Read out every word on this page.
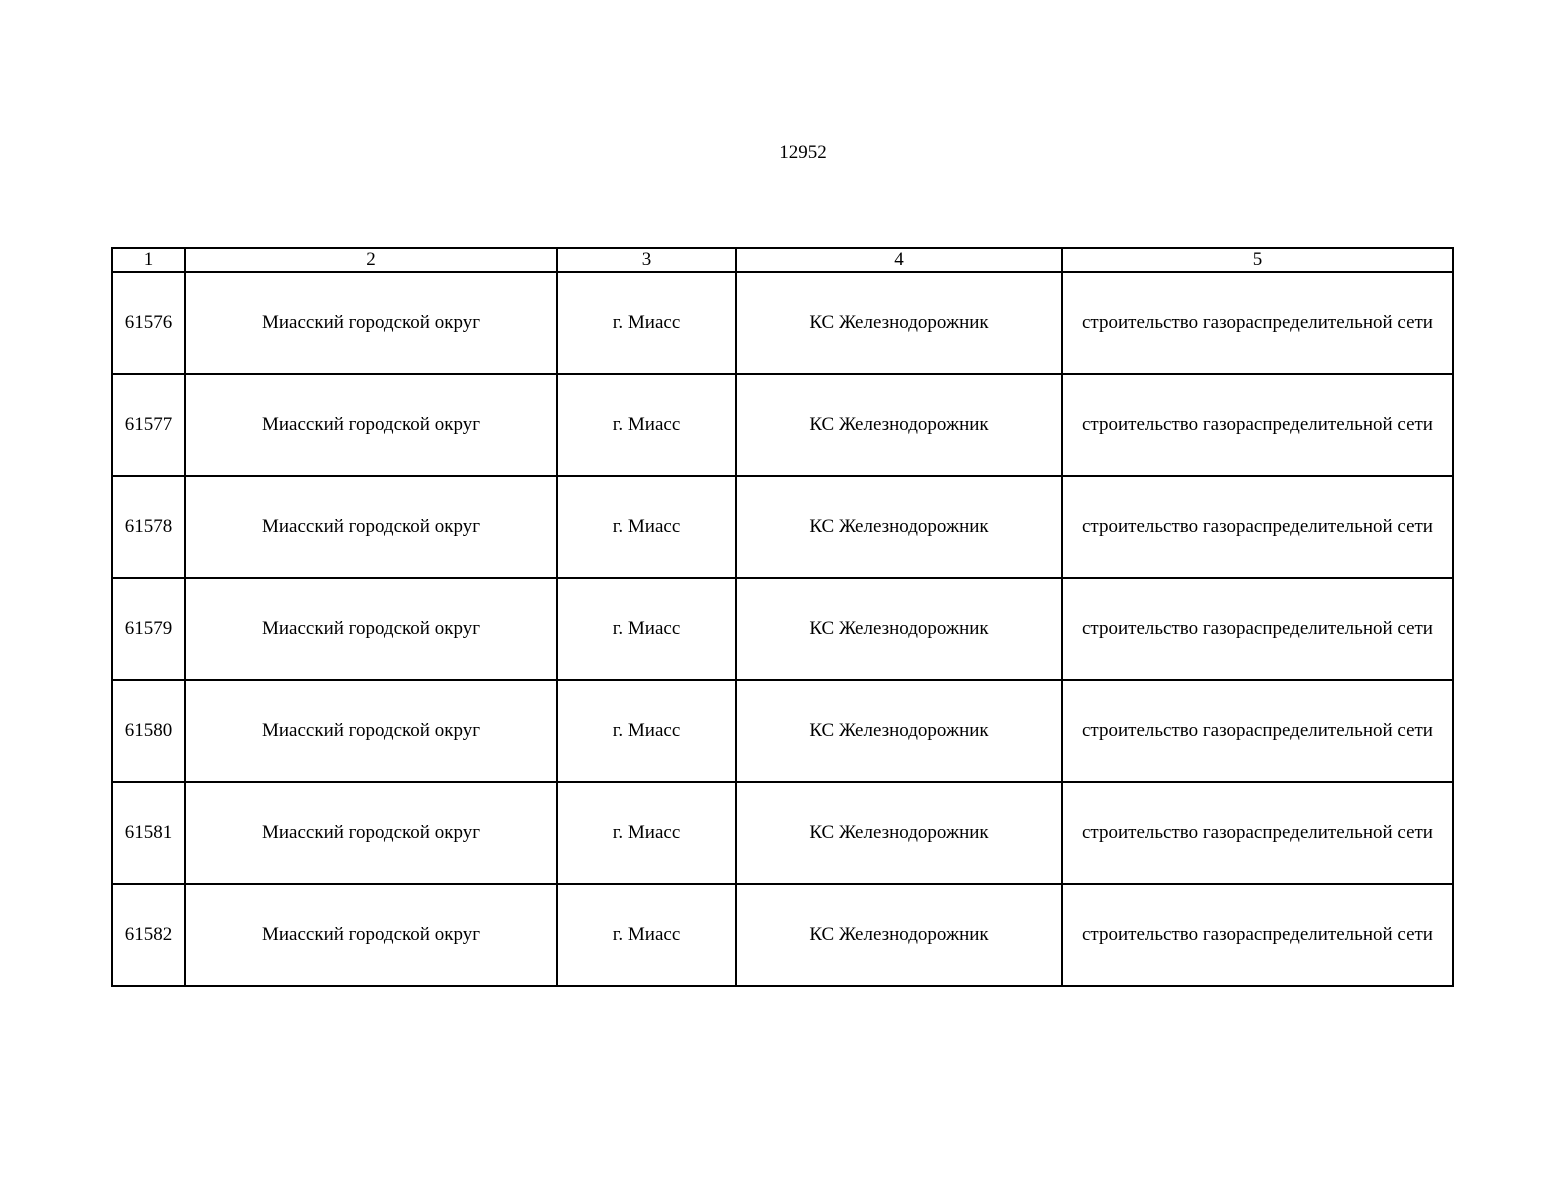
12952
1	2	3	4	5
61576	Миасский городской округ	г. Миасс	КС Железнодорожник	строительство газораспределительной сети
61577	Миасский городской округ	г. Миасс	КС Железнодорожник	строительство газораспределительной сети
61578	Миасский городской округ	г. Миасс	КС Железнодорожник	строительство газораспределительной сети
61579	Миасский городской округ	г. Миасс	КС Железнодорожник	строительство газораспределительной сети
61580	Миасский городской округ	г. Миасс	КС Железнодорожник	строительство газораспределительной сети
61581	Миасский городской округ	г. Миасс	КС Железнодорожник	строительство газораспределительной сети
61582	Миасский городской округ	г. Миасс	КС Железнодорожник	строительство газораспределительной сети
